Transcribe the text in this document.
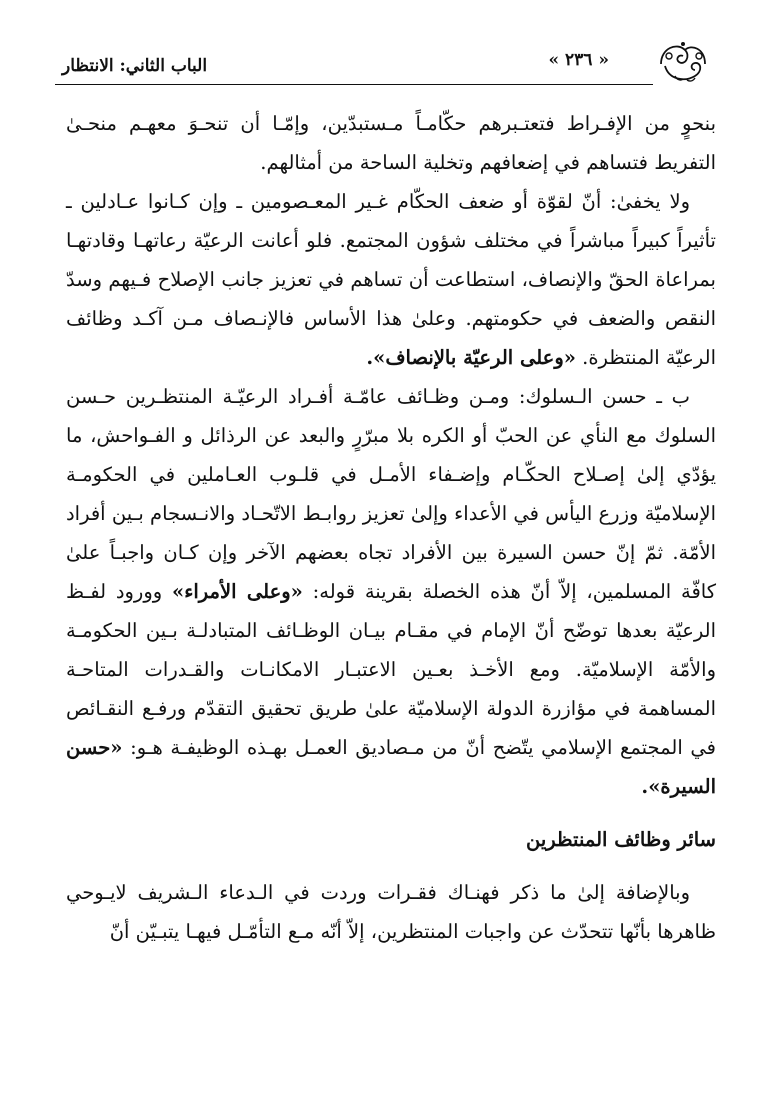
« ٢٣٦ »
الباب الثاني: الانتظار

بنحوٍ من الإفـراط فتعتـبرهم حكّامـاً مـستبدّين، وإمّـا أن تنحـوَ معهـم منحـیٰ التفريط فتساهم في إضعافهم وتخلية الساحة من أمثالهم.

ولا يخفىٰ: أنّ لقوّة أو ضعف الحكّام غـير المعـصومين ـ وإن كـانوا عـادلين ـ تأثيراً كبيراً مباشراً في مختلف شؤون المجتمع. فلو أعانت الرعيّة رعاتهـا وقادتهـا بمراعاة الحقّ والإنصاف، استطاعت أن تساهم في تعزيز جانب الإصلاح فـيهم وسدّ النقص والضعف في حكومتهم. وعلىٰ هذا الأساس فالإنـصاف مـن آكـد وظائف الرعيّة المنتظرة. «وعلى الرعيّة بالإنصاف».

ب ـ حسن الـسلوك: ومـن وظـائف عامّـة أفـراد الرعيّـة المنتظـرين حـسن السلوك مع النأي عن الحبّ أو الكره بلا مبرّرٍ والبعد عن الرذائل و الفـواحش، ما يؤدّي إلىٰ إصـلاح الحكّـام وإضـفاء الأمـل في قلـوب العـاملين في الحكومـة الإسلاميّة وزرع اليأس في الأعداء وإلىٰ تعزيز روابـط الاتّحـاد والانـسجام بـين أفراد الأمّة. ثمّ إنّ حسن السيرة بين الأفراد تجاه بعضهم الآخر وإن كـان واجبـاً علىٰ كافّة المسلمين، إلاّ أنّ هذه الخصلة بقرينة قوله: «وعلى الأمراء» وورود لفـظ الرعيّة بعدها توضّح أنّ الإمام في مقـام بيـان الوظـائف المتبادلـة بـين الحكومـة والأمّة الإسلاميّة. ومع الأخـذ بعـين الاعتبـار الامكانـات والقـدرات المتاحـة المساهمة في مؤازرة الدولة الإسلاميّة علىٰ طريق تحقيق التقدّم ورفـع النقـائص في المجتمع الإسلامي يتّضح أنّ من مـصاديق العمـل بهـذه الوظيفـة هـو: «حسن السيرة».

سائر وظائف المنتظرين

وبالإضافة إلىٰ ما ذكر فهنـاك فقـرات وردت في الـدعاء الـشريف لايـوحي ظاهرها بأنّها تتحدّث عن واجبات المنتظرين، إلاّ أنّه مـع التأمّـل فيهـا يتبـيّن أنّ
